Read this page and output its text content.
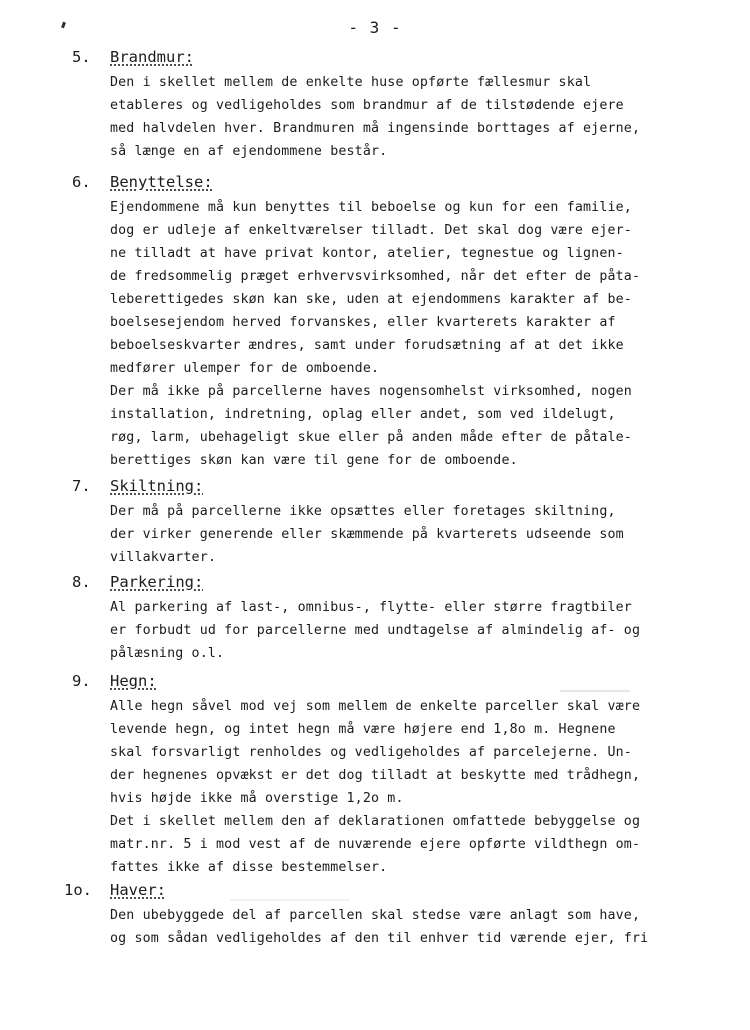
- 3 -
5. Brandmur:
Den i skellet mellem de enkelte huse opførte fællesmur skal
etableres og vedligeholdes som brandmur af de tilstødende ejere
med halvdelen hver. Brandmuren må ingensinde borttages af ejerne,
så længe en af ejendommene består.
6. Benyttelse:
Ejendommene må kun benyttes til beboelse og kun for een familie,
dog er udleje af enkeltværelser tilladt. Det skal dog være ejer-
ne tilladt at have privat kontor, atelier, tegnestue og lignen-
de fredsommelig præget erhvervsvirksomhed, når det efter de påta-
leberettigedes skøn kan ske, uden at ejendommens karakter af be-
boelsesejendom herved forvanskes, eller kvarterets karakter af
beboelseskvarter ændres, samt under forudsætning af at det ikke
medfører ulemper for de omboende.
Der må ikke på parcellerne haves nogensomhelst virksomhed, nogen
installation, indretning, oplag eller andet, som ved ildelugt,
røg, larm, ubehageligt skue eller på anden måde efter de påtale-
berettiges skøn kan være til gene for de omboende.
7. Skiltning:
Der må på parcellerne ikke opsættes eller foretages skiltning,
der virker generende eller skæmmende på kvarterets udseende som
villakvarter.
8. Parkering:
Al parkering af last-, omnibus-, flytte- eller større fragtbiler
er forbudt ud for parcellerne med undtagelse af almindelig af- og
pålæsning o.l.
9. Hegn:
Alle hegn såvel mod vej som mellem de enkelte parceller skal være
levende hegn, og intet hegn må være højere end 1,8o m. Hegnene
skal forsvarligt renholdes og vedligeholdes af parcelejerne. Un-
der hegnenes opvækst er det dog tilladt at beskytte med trådhegn,
hvis højde ikke må overstige 1,2o m.
Det i skellet mellem den af deklarationen omfattede bebyggelse og
matr.nr. 5 i mod vest af de nuværende ejere opførte vildthegn om-
fattes ikke af disse bestemmelser.
1o. Haver:
Den ubebyggede del af parcellen skal stedse være anlagt som have,
og som sådan vedligeholdes af den til enhver tid værende ejer, fri
